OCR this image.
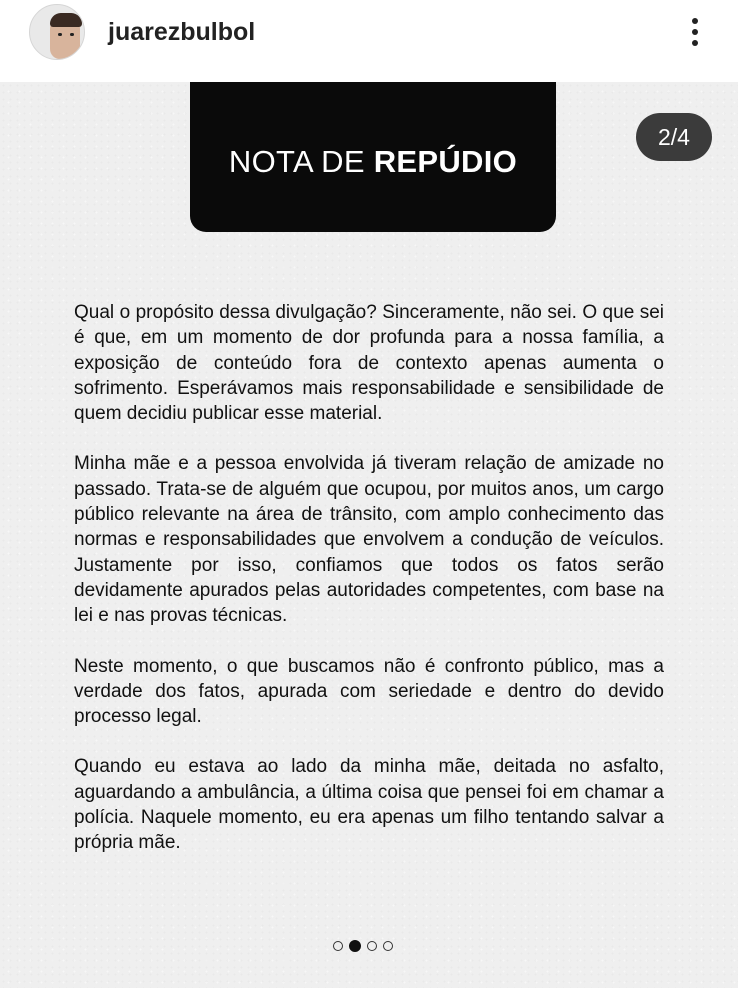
juarezbulbol
NOTA DE REPÚDIO
2/4

Qual o propósito dessa divulgação? Sinceramente, não sei. O que sei é que, em um momento de dor profunda para a nossa família, a exposição de conteúdo fora de contexto apenas aumenta o sofrimento. Esperávamos mais responsabilidade e sensibilidade de quem decidiu publicar esse material.

Minha mãe e a pessoa envolvida já tiveram relação de amizade no passado. Trata-se de alguém que ocupou, por muitos anos, um cargo público relevante na área de trânsito, com amplo conhecimento das normas e responsabilidades que envolvem a condução de veículos. Justamente por isso, confiamos que todos os fatos serão devidamente apurados pelas autoridades competentes, com base na lei e nas provas técnicas.

Neste momento, o que buscamos não é confronto público, mas a verdade dos fatos, apurada com seriedade e dentro do devido processo legal.

Quando eu estava ao lado da minha mãe, deitada no asfalto, aguardando a ambulância, a última coisa que pensei foi em chamar a polícia. Naquele momento, eu era apenas um filho tentando salvar a própria mãe.
